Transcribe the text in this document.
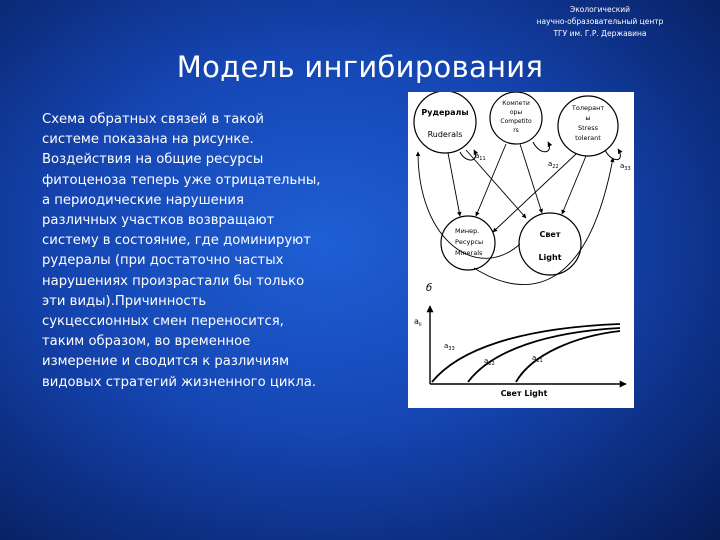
Экологический
научно-образовательный центр
ТГУ им. Г.Р. Державина
Модель ингибирования
Схема обратных связей в такой
системе показана на рисунке.
Воздействия на общие ресурсы
фитоценоза теперь уже отрицательны,
а периодические нарушения
различных участков возвращают
систему в состояние, где доминируют
рудералы (при достаточно частых
нарушениях произрастали бы только
эти виды).Причинность
сукцессионных смен переносится,
таким образом, во временное
измерение и сводится к различиям
видовых стратегий жизненного цикла.
Рудералы
Ruderals
Компети
оры
Competito
rs
Толерант
ы
Stress
tolerant
Минер.
Ресурсы
Minerals
Свет
Light
$a_{11}$
$a_{22}$	$a_{33}$
б
$a_{ii}$
$a_{33}$
$a_{22}$
$a_{11}$
Свет Light
